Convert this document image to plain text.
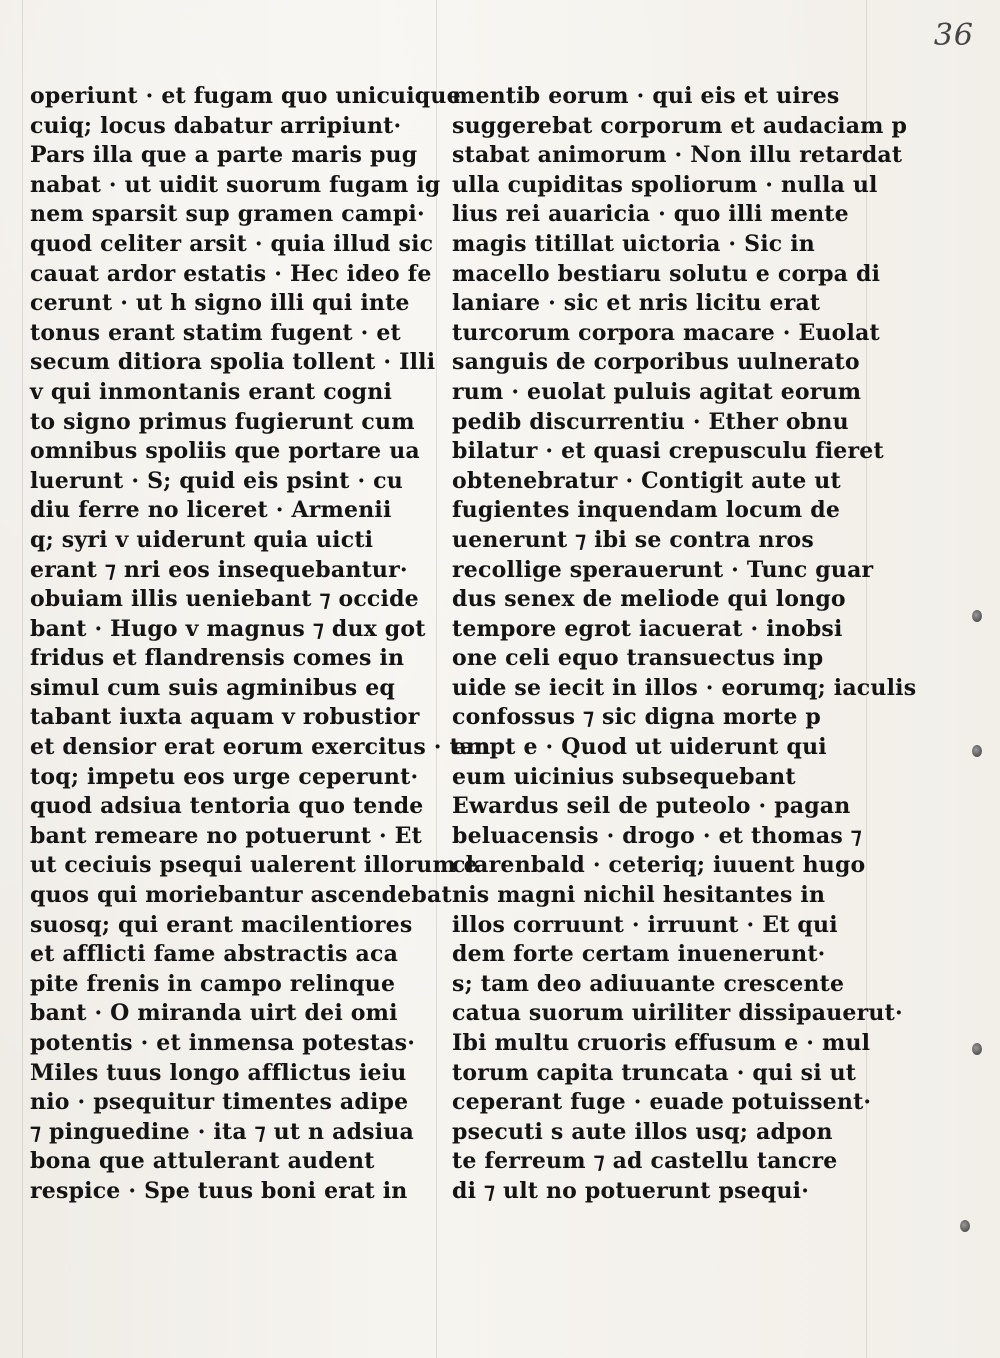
36
operiunt · et fugam quo unicuique
cuiq; locus dabatur arripiunt·
Pars illa que a parte maris pug
nabat · ut uidit suorum fugam ig
nem sparsit sup gramen campi·
quod celiter arsit · quia illud sic
cauat ardor estatis · Hec ideo fe
cerunt · ut h signo illi qui inte
tonus erant statim fugent · et
secum ditiora spolia tollent · Illi
v qui inmontanis erant cogni
to signo primus fugierunt cum
omnibus spoliis que portare ua
luerunt · S; quid eis psint · cu
diu ferre no liceret · Armenii
q; syri v uiderunt quia uicti
erant ⁊ nri eos insequebantur·
obuiam illis ueniebant ⁊ occide
bant · Hugo v magnus ⁊ dux got
fridus et flandrensis comes in
simul cum suis agminibus eq
tabant iuxta aquam v robustior
et densior erat eorum exercitus · tan
toq; impetu eos urge ceperunt·
quod adsiua tentoria quo tende
bant remeare no potuerunt · Et
ut ceciuis psequi ualerent illorum e
quos qui moriebantur ascendebat
suosq; qui erant macilentiores
et afflicti fame abstractis aca
pite frenis in campo relinque
bant · O miranda uirt dei omi
potentis · et inmensa potestas·
Miles tuus longo afflictus ieiu
nio · psequitur timentes adipe
⁊ pinguedine · ita ⁊ ut n adsiua
bona que attulerant audent
respice · Spe tuus boni erat in
mentib eorum · qui eis et uires
suggerebat corporum et audaciam p
stabat animorum · Non illu retardat
ulla cupiditas spoliorum · nulla ul
lius rei auaricia · quo illi mente
magis titillat uictoria · Sic in
macello bestiaru solutu e corpa di
laniare · sic et nris licitu erat
turcorum corpora macare · Euolat
sanguis de corporibus uulnerato
rum · euolat puluis agitat eorum
pedib discurrentiu · Ether obnu
bilatur · et quasi crepusculu fieret
obtenebratur · Contigit aute ut
fugientes inquendam locum de
uenerunt ⁊ ibi se contra nros
recollige sperauerunt · Tunc guar
dus senex de meliode qui longo
tempore egrot iacuerat · inobsi
one celi equo transuectus inp
uide se iecit in illos · eorumq; iaculis
confossus ⁊ sic digna morte p
empt e · Quod ut uiderunt qui
eum uicinius subsequebant
Ewardus seil de puteolo · pagan
beluacensis · drogo · et thomas ⁊
clarenbald · ceteriq; iuuent hugo
nis magni nichil hesitantes in
illos corruunt · irruunt · Et qui
dem forte certam inuenerunt·
s; tam deo adiuuante crescente
catua suorum uiriliter dissipauerut·
Ibi multu cruoris effusum e · mul
torum capita truncata · qui si ut
ceperant fuge · euade potuissent·
psecuti s aute illos usq; adpon
te ferreum ⁊ ad castellu tancre
di ⁊ ult no potuerunt psequi·
